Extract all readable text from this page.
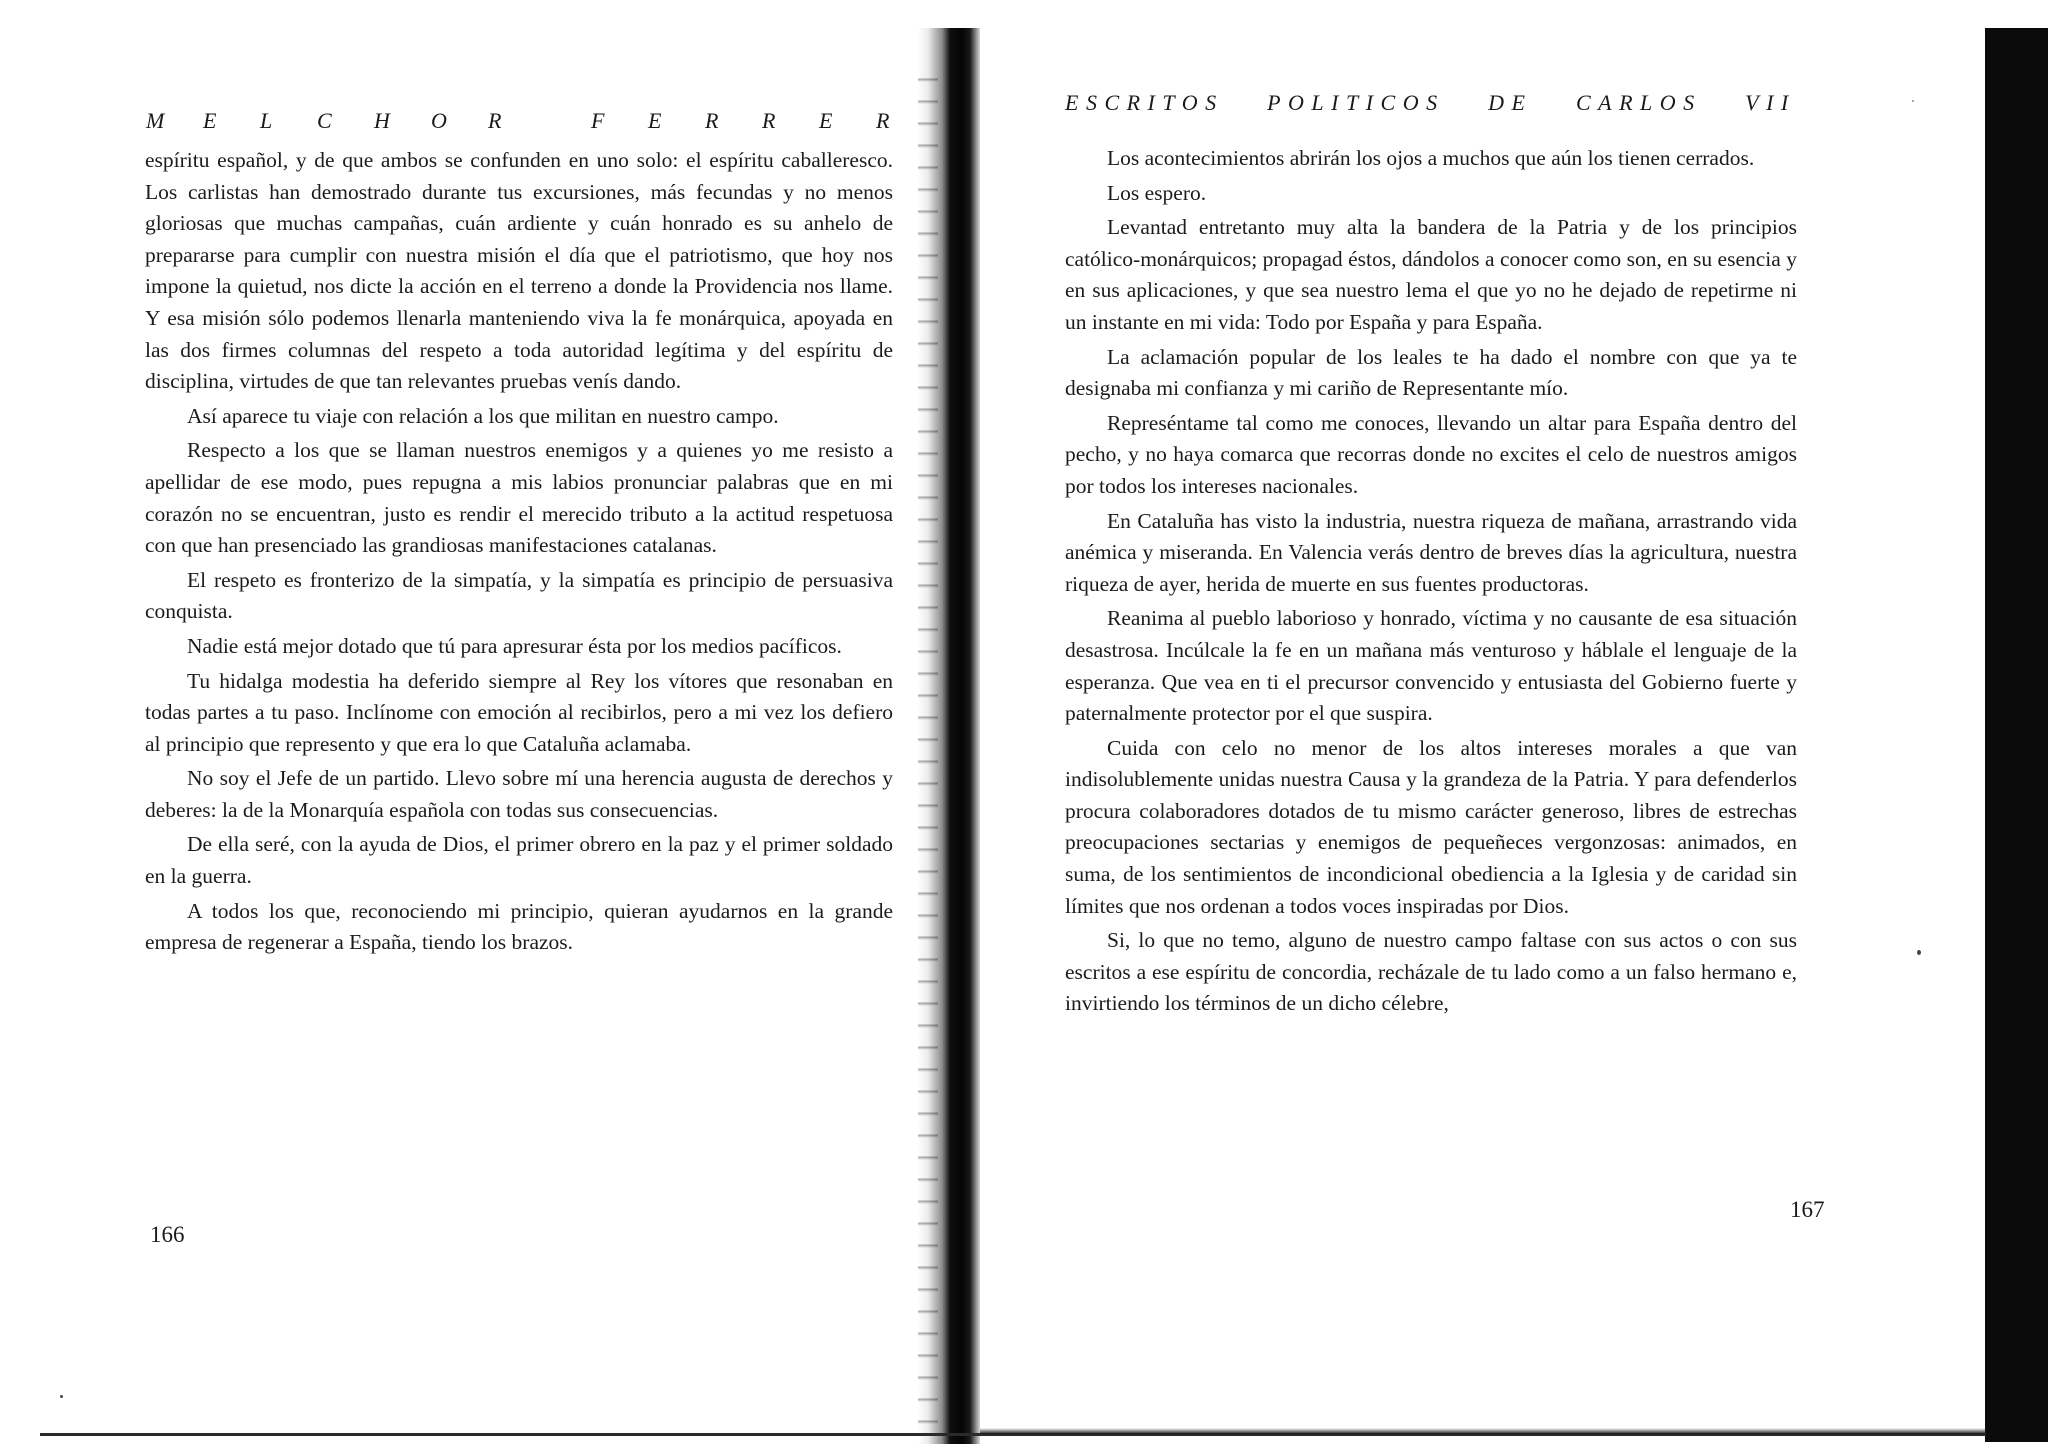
M E L C H O R	F E R R E R

espíritu español, y de que ambos se confunden en uno solo: el espíritu caballeresco. Los carlistas han demostrado durante tus excursiones, más fecundas y no menos gloriosas que muchas campañas, cuán ardiente y cuán honrado es su anhelo de prepararse para cumplir con nuestra misión el día que el patriotismo, que hoy nos impone la quietud, nos dicte la acción en el terreno a donde la Providencia nos llame. Y esa misión sólo podemos llenarla manteniendo viva la fe monárquica, apoyada en las dos firmes columnas del respeto a toda autoridad legítima y del espíritu de disciplina, virtudes de que tan relevantes pruebas venís dando.

Así aparece tu viaje con relación a los que militan en nuestro campo.

Respecto a los que se llaman nuestros enemigos y a quienes yo me resisto a apellidar de ese modo, pues repugna a mis labios pronunciar palabras que en mi corazón no se encuentran, justo es rendir el merecido tributo a la actitud respetuosa con que han presenciado las grandiosas manifestaciones catalanas.

El respeto es fronterizo de la simpatía, y la simpatía es principio de persuasiva conquista.

Nadie está mejor dotado que tú para apresurar ésta por los medios pacíficos.

Tu hidalga modestia ha deferido siempre al Rey los vítores que resonaban en todas partes a tu paso. Inclínome con emoción al recibirlos, pero a mi vez los defiero al principio que represento y que era lo que Cataluña aclamaba.

No soy el Jefe de un partido. Llevo sobre mí una herencia augusta de derechos y deberes: la de la Monarquía española con todas sus consecuencias.

De ella seré, con la ayuda de Dios, el primer obrero en la paz y el primer soldado en la guerra.

A todos los que, reconociendo mi principio, quieran ayudarnos en la grande empresa de regenerar a España, tiendo los brazos.

166
ESCRITOS POLITICOS DE CARLOS VII

Los acontecimientos abrirán los ojos a muchos que aún los tienen cerrados.

Los espero.

Levantad entretanto muy alta la bandera de la Patria y de los principios católico-monárquicos; propagad éstos, dándolos a conocer como son, en su esencia y en sus aplicaciones, y que sea nuestro lema el que yo no he dejado de repetirme ni un instante en mi vida: Todo por España y para España.

La aclamación popular de los leales te ha dado el nombre con que ya te designaba mi confianza y mi cariño de Representante mío.

Represéntame tal como me conoces, llevando un altar para España dentro del pecho, y no haya comarca que recorras donde no excites el celo de nuestros amigos por todos los intereses nacionales.

En Cataluña has visto la industria, nuestra riqueza de mañana, arrastrando vida anémica y miseranda. En Valencia verás dentro de breves días la agricultura, nuestra riqueza de ayer, herida de muerte en sus fuentes productoras.

Reanima al pueblo laborioso y honrado, víctima y no causante de esa situación desastrosa. Incúlcale la fe en un mañana más venturoso y háblale el lenguaje de la esperanza. Que vea en ti el precursor convencido y entusiasta del Gobierno fuerte y paternalmente protector por el que suspira.

Cuida con celo no menor de los altos intereses morales a que van indisolublemente unidas nuestra Causa y la grandeza de la Patria. Y para defenderlos procura colaboradores dotados de tu mismo carácter generoso, libres de estrechas preocupaciones sectarias y enemigos de pequeñeces vergonzosas: animados, en suma, de los sentimientos de incondicional obediencia a la Iglesia y de caridad sin límites que nos ordenan a todos voces inspiradas por Dios.

Si, lo que no temo, alguno de nuestro campo faltase con sus actos o con sus escritos a ese espíritu de concordia, recházale de tu lado como a un falso hermano e, invirtiendo los términos de un dicho célebre,

167
